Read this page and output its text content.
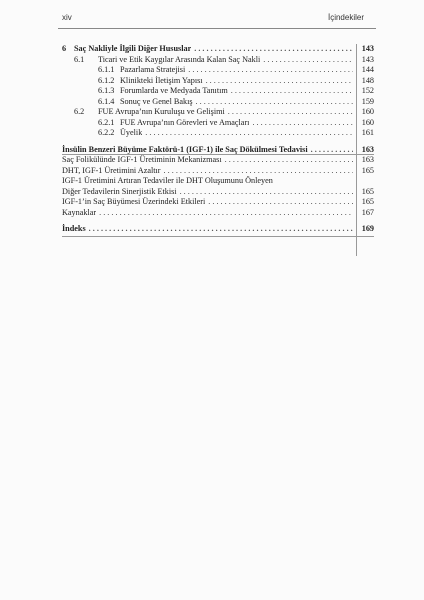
xiv	İçindekiler
6 Saç Nakliyle İlgili Diğer Hususlar . . .	143
6.1	Ticari ve Etik Kaygılar Arasında Kalan Saç Nakli . . .	143
6.1.1 Pazarlama Stratejisi . . .	144
6.1.2 Klinikteki İletişim Yapısı . . .	148
6.1.3 Forumlarda ve Medyada Tanıtım . . .	152
6.1.4 Sonuç ve Genel Bakış . . .	159
6.2	FUE Avrupa’nın Kuruluşu ve Gelişimi . . .	160
6.2.1 FUE Avrupa’nın Görevleri ve Amaçları . . .	160
6.2.2 Üyelik . . .	161
İnsülin Benzeri Büyüme Faktörü-1 (IGF-1) ile Saç Dökülmesi Tedavisi . . .	163
Saç Folikülünde IGF-1 Üretiminin Mekanizması . . .	163
DHT, IGF-1 Üretimini Azaltır . . .	165
IGF-1 Üretimini Artıran Tedaviler ile DHT Oluşumunu Önleyen
Diğer Tedavilerin Sinerjistik Etkisi . . .	165
IGF-1’in Saç Büyümesi Üzerindeki Etkileri . . .	165
Kaynaklar . . .	167
İndeks . . .	169
